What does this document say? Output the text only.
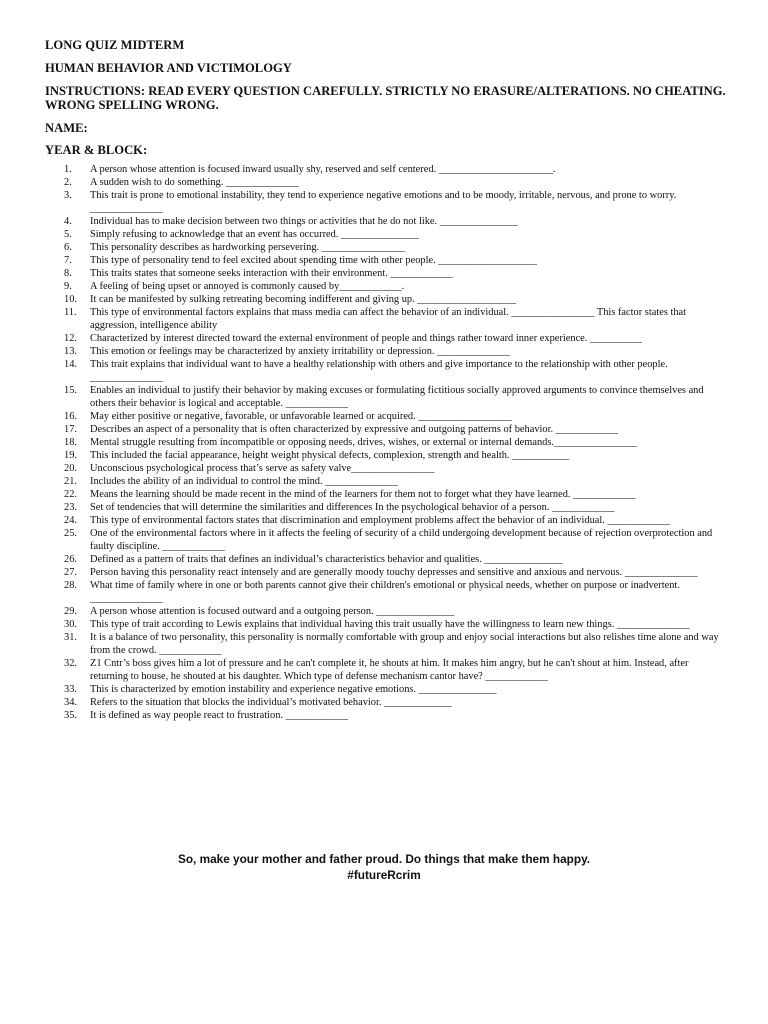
LONG QUIZ MIDTERM
HUMAN BEHAVIOR AND VICTIMOLOGY
INSTRUCTIONS: READ EVERY QUESTION CAREFULLY. STRICTLY NO ERASURE/ALTERATIONS. NO CHEATING. WRONG SPELLING WRONG.
NAME:
YEAR & BLOCK:
1.	A person whose attention is focused inward usually shy, reserved and self centered. ______________________.
2.	A sudden wish to do something. ______________
3.	This trait is prone to emotional instability, they tend to experience negative emotions and to be moody, irritable, nervous, and prone to worry. ______________
4.	Individual has to make decision between two things or activities that he do not like. _______________
5.	Simply refusing to acknowledge that an event has occurred. _______________
6.	This personality describes as hardworking persevering. ________________
7.	This type of personality tend to feel excited about spending time with other people. ___________________
8.	This traits states that someone seeks interaction with their environment. ____________
9.	A feeling of being upset or annoyed is commonly caused by____________.
10.	It can be manifested by sulking retreating becoming indifferent and giving up. ___________________
11.	This type of environmental factors explains that mass media can affect the behavior of an individual. ________________ This factor states that aggression, intelligence ability
12.	Characterized by interest directed toward the external environment of people and things rather toward inner experience. __________
13.	This emotion or feelings may be characterized by anxiety irritability or depression. ______________
14.	This trait explains that individual want to have a healthy relationship with others and give importance to the relationship with other people. ______________
15.	Enables an individual to justify their behavior by making excuses or formulating fictitious socially approved arguments to convince themselves and others their behavior is logical and acceptable. ____________
16.	May either positive or negative, favorable, or unfavorable learned or acquired. __________________
17.	Describes an aspect of a personality that is often characterized by expressive and outgoing patterns of behavior. ____________
18.	Mental struggle resulting from incompatible or opposing needs, drives, wishes, or external or internal demands.________________
19.	This included the facial appearance, height weight physical defects, complexion, strength and health. ___________
20.	Unconscious psychological process that’s serve as safety valve________________
21.	Includes the ability of an individual to control the mind. ______________
22.	Means the learning should be made recent in the mind of the learners for them not to forget what they have learned. ____________
23.	Set of tendencies that will determine the similarities and differences In the psychological behavior of a person. ____________
24.	This type of environmental factors states that discrimination and employment problems affect the behavior of an individual. ____________
25.	One of the environmental factors where in it affects the feeling of security of a child undergoing development because of rejection overprotection and faulty discipline. ____________
26.	Defined as a pattern of traits that defines an individual’s characteristics behavior and qualities. _______________
27.	Person having this personality react intensely and are generally moody touchy depresses and sensitive and anxious and nervous. ______________
28.	What time of family where in one or both parents cannot give their children's emotional or physical needs, whether on purpose or inadvertent. ______________
29.	A person whose attention is focused outward and a outgoing person. _______________
30.	This type of trait according to Lewis explains that individual having this trait usually have the willingness to learn new things. ______________
31.	It is a balance of two personality, this personality is normally comfortable with group and enjoy social interactions but also relishes time alone and way from the crowd. ____________
32.	Z1 Cntr’s boss gives him a lot of pressure and he can't complete it, he shouts at him. It makes him angry, but he can't shout at him. Instead, after returning to house, he shouted at his daughter. Which type of defense mechanism cantor have? ____________
33.	This is characterized by emotion instability and experience negative emotions. _______________
34.	Refers to the situation that blocks the individual’s motivated behavior. _____________
35.	It is defined as way people react to frustration. ____________
So, make your mother and father proud. Do things that make them happy.
#futureRcrim
